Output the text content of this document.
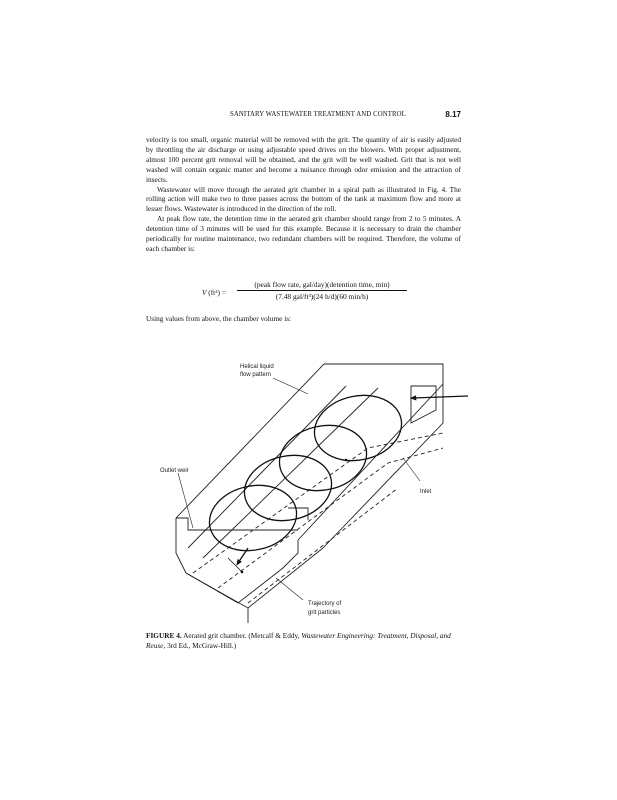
SANITARY WASTEWATER TREATMENT AND CONTROL	8.17

velocity is too small, organic material will be removed with the grit. The quantity of air is easily adjusted by throttling the air discharge or using adjustable speed drives on the blowers. With proper adjustment, almost 100 percent grit removal will be obtained, and the grit will be well washed. Grit that is not well washed will contain organic matter and become a nuisance through odor emission and the attraction of insects.

Wastewater will move through the aerated grit chamber in a spiral path as illustrated in Fig. 4. The rolling action will make two to three passes across the bottom of the tank at maximum flow and more at lesser flows. Wastewater is introduced in the direction of the roll.

At peak flow rate, the detention time in the aerated grit chamber should range from 2 to 5 minutes. A detention time of 3 minutes will be used for this example. Because it is necessary to drain the chamber periodically for routine maintenance, two redundant chambers will be required. Therefore, the volume of each chamber is:

V (ft³) =
(peak flow rate, gal/day)(detention time, min)
(7.48 gal/ft³)(24 h/d)(60 min/h)
Using values from above, the chamber volume is:
Helical liquid
flow pattern
Outlet weir
Inlet
Trajectory of
grit particles
FIGURE 4. Aerated grit chamber. (Metcalf & Eddy, Wastewater Engineering: Treatment, Disposal, and Reuse, 3rd Ed., McGraw-Hill.)
